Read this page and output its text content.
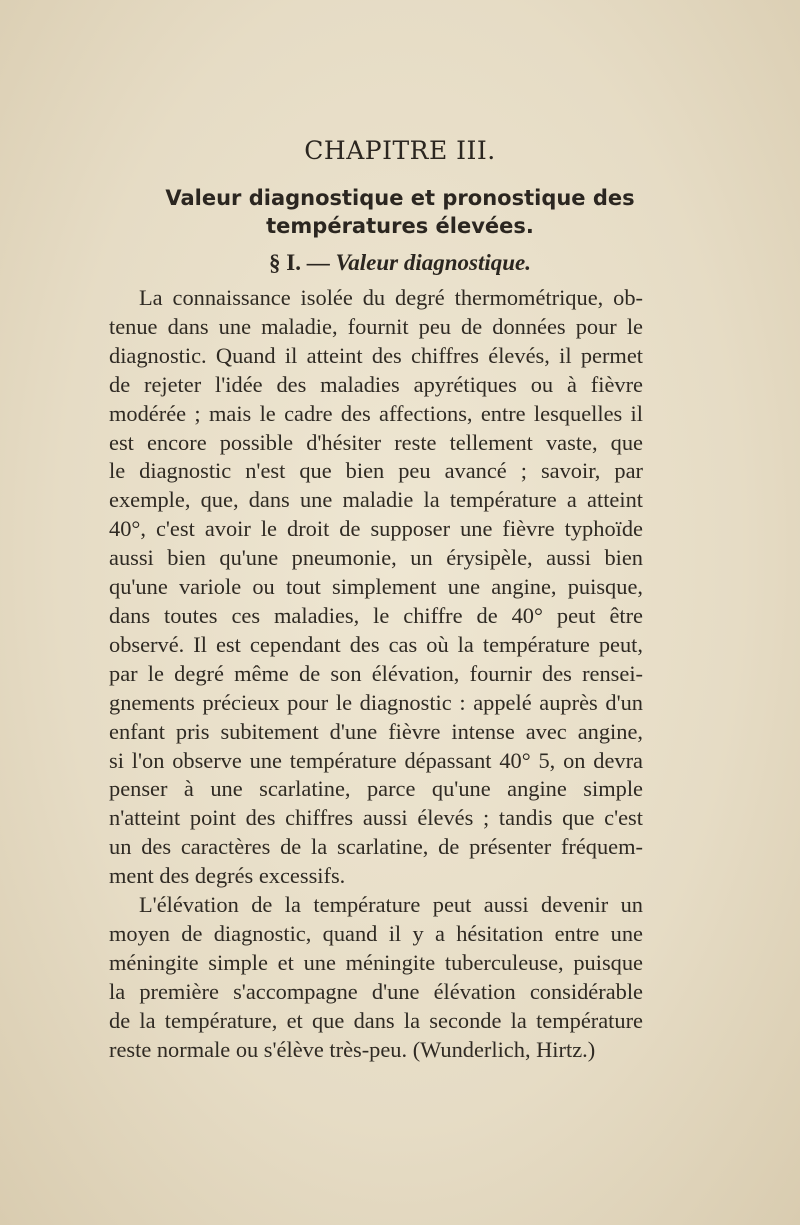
CHAPITRE III.
Valeur diagnostique et pronostique des
températures élevées.
§ I. — Valeur diagnostique.
La connaissance isolée du degré thermométrique, ob-
tenue dans une maladie, fournit peu de données pour le
diagnostic. Quand il atteint des chiffres élevés, il permet
de rejeter l'idée des maladies apyrétiques ou à fièvre
modérée ; mais le cadre des affections, entre lesquelles il
est encore possible d'hésiter reste tellement vaste, que
le diagnostic n'est que bien peu avancé ; savoir, par
exemple, que, dans une maladie la température a atteint
40°, c'est avoir le droit de supposer une fièvre typhoïde
aussi bien qu'une pneumonie, un érysipèle, aussi bien
qu'une variole ou tout simplement une angine, puisque,
dans toutes ces maladies, le chiffre de 40° peut être
observé. Il est cependant des cas où la température peut,
par le degré même de son élévation, fournir des rensei-
gnements précieux pour le diagnostic : appelé auprès d'un
enfant pris subitement d'une fièvre intense avec angine,
si l'on observe une température dépassant 40° 5, on devra
penser à une scarlatine, parce qu'une angine simple
n'atteint point des chiffres aussi élevés ; tandis que c'est
un des caractères de la scarlatine, de présenter fréquem-
ment des degrés excessifs.
L'élévation de la température peut aussi devenir un
moyen de diagnostic, quand il y a hésitation entre une
méningite simple et une méningite tuberculeuse, puisque
la première s'accompagne d'une élévation considérable
de la température, et que dans la seconde la température
reste normale ou s'élève très-peu. (Wunderlich, Hirtz.)
